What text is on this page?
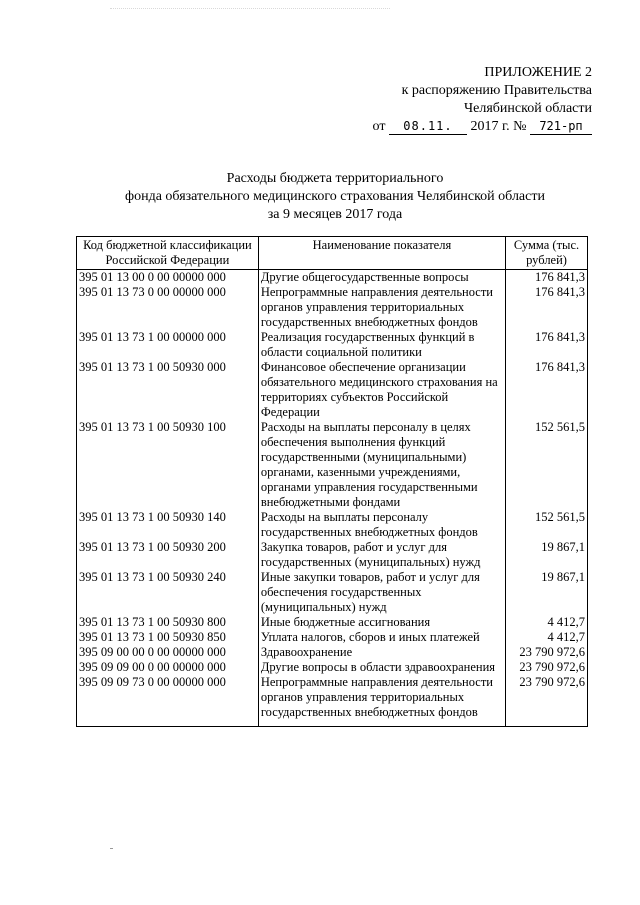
ПРИЛОЖЕНИЕ 2
к распоряжению Правительства
Челябинской области
от 08.11. 2017 г. № 721-рп
Расходы бюджета территориального
фонда обязательного медицинского страхования Челябинской области
за 9 месяцев 2017 года
Код бюджетной классификации Российской Федерации	Наименование показателя	Сумма (тыс. рублей)
395 01 13 00 0 00 00000 000	Другие общегосударственные вопросы	176 841,3
395 01 13 73 0 00 00000 000	Непрограммные направления деятельности органов управления территориальных государственных внебюджетных фондов	176 841,3
395 01 13 73 1 00 00000 000	Реализация государственных функций в области социальной политики	176 841,3
395 01 13 73 1 00 50930 000	Финансовое обеспечение организации обязательного медицинского страхования на территориях субъектов Российской Федерации	176 841,3
395 01 13 73 1 00 50930 100	Расходы на выплаты персоналу в целях обеспечения выполнения функций государственными (муниципальными) органами, казенными учреждениями, органами управления государственными внебюджетными фондами	152 561,5
395 01 13 73 1 00 50930 140	Расходы на выплаты персоналу государственных внебюджетных фондов	152 561,5
395 01 13 73 1 00 50930 200	Закупка товаров, работ и услуг для государственных (муниципальных) нужд	19 867,1
395 01 13 73 1 00 50930 240	Иные закупки товаров, работ и услуг для обеспечения государственных (муниципальных) нужд	19 867,1
395 01 13 73 1 00 50930 800	Иные бюджетные ассигнования	4 412,7
395 01 13 73 1 00 50930 850	Уплата налогов, сборов и иных платежей	4 412,7
395 09 00 00 0 00 00000 000	Здравоохранение	23 790 972,6
395 09 09 00 0 00 00000 000	Другие вопросы в области здравоохранения	23 790 972,6
395 09 09 73 0 00 00000 000	Непрограммные направления деятельности органов управления территориальных государственных внебюджетных фондов	23 790 972,6
